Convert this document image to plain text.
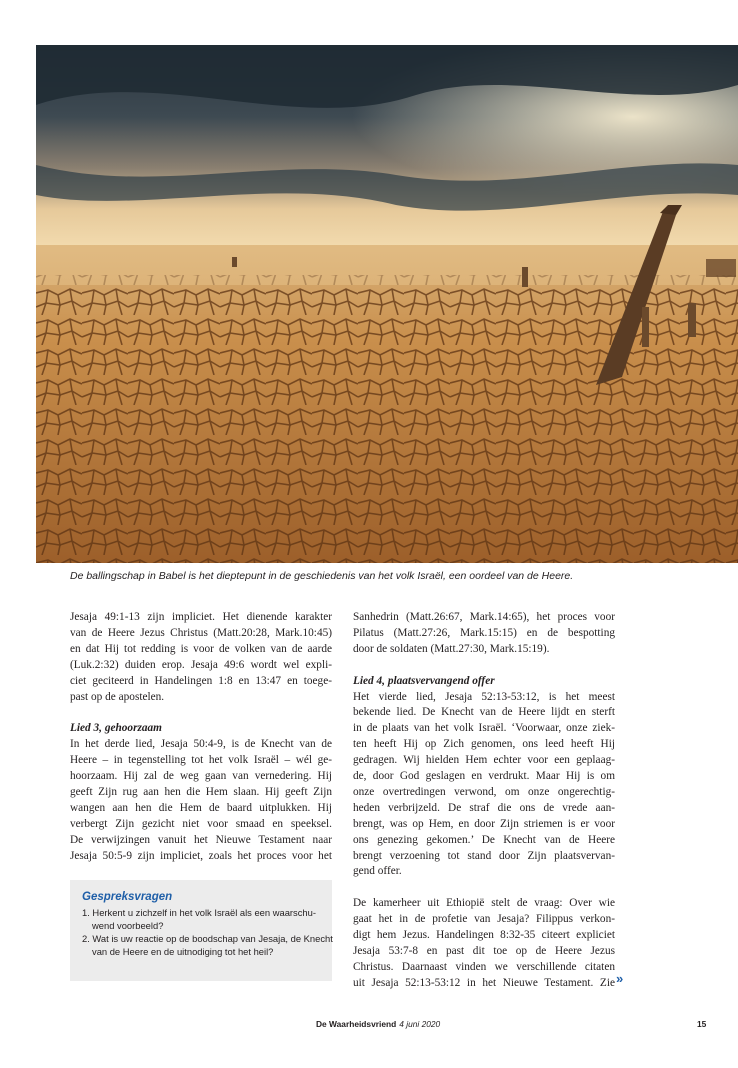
De ballingschap in Babel is het dieptepunt in de geschiedenis van het volk Israël, een oordeel van de Heere.
Jesaja 49:1-13 zijn impliciet. Het dienende karakter
van de Heere Jezus Christus (Matt.20:28, Mark.10:45)
en dat Hij tot redding is voor de volken van de aarde
(Luk.2:32) duiden erop. Jesaja 49:6 wordt wel expli-
ciet geciteerd in Handelingen 1:8 en 13:47 en toege-
past op de apostelen.
Lied 3, gehoorzaam
In het derde lied, Jesaja 50:4-9, is de Knecht van de
Heere – in tegenstelling tot het volk Israël – wél ge-
hoorzaam. Hij zal de weg gaan van vernedering. Hij
geeft Zijn rug aan hen die Hem slaan. Hij geeft Zijn
wangen aan hen die Hem de baard uitplukken. Hij
verbergt Zijn gezicht niet voor smaad en speeksel.
De verwijzingen vanuit het Nieuwe Testament naar
Jesaja 50:5-9 zijn impliciet, zoals het proces voor het
Gespreksvragen
1. Herkent u zichzelf in het volk Israël als een waarschu-
wend voorbeeld?
2. Wat is uw reactie op de boodschap van Jesaja, de Knecht
van de Heere en de uitnodiging tot het heil?
Sanhedrin (Matt.26:67, Mark.14:65), het proces voor
Pilatus (Matt.27:26, Mark.15:15) en de bespotting
door de soldaten (Matt.27:30, Mark.15:19).
Lied 4, plaatsvervangend offer
Het vierde lied, Jesaja 52:13-53:12, is het meest
bekende lied. De Knecht van de Heere lijdt en sterft
in de plaats van het volk Israël. ‘Voorwaar, onze ziek-
ten heeft Hij op Zich genomen, ons leed heeft Hij
gedragen. Wij hielden Hem echter voor een geplaag-
de, door God geslagen en verdrukt. Maar Hij is om
onze overtredingen verwond, om onze ongerechtig-
heden verbrijzeld. De straf die ons de vrede aan-
brengt, was op Hem, en door Zijn striemen is er voor
ons genezing gekomen.’ De Knecht van de Heere
brengt verzoening tot stand door Zijn plaatsvervan-
gend offer.
De kamerheer uit Ethiopië stelt de vraag: Over wie
gaat het in de profetie van Jesaja? Filippus verkon-
digt hem Jezus. Handelingen 8:32-35 citeert expliciet
Jesaja 53:7-8 en past dit toe op de Heere Jezus
Christus. Daarnaast vinden we verschillende citaten
uit Jesaja 52:13-53:12 in het Nieuwe Testament. Zie »
De Waarheidsvriend 4 juni 2020	15
